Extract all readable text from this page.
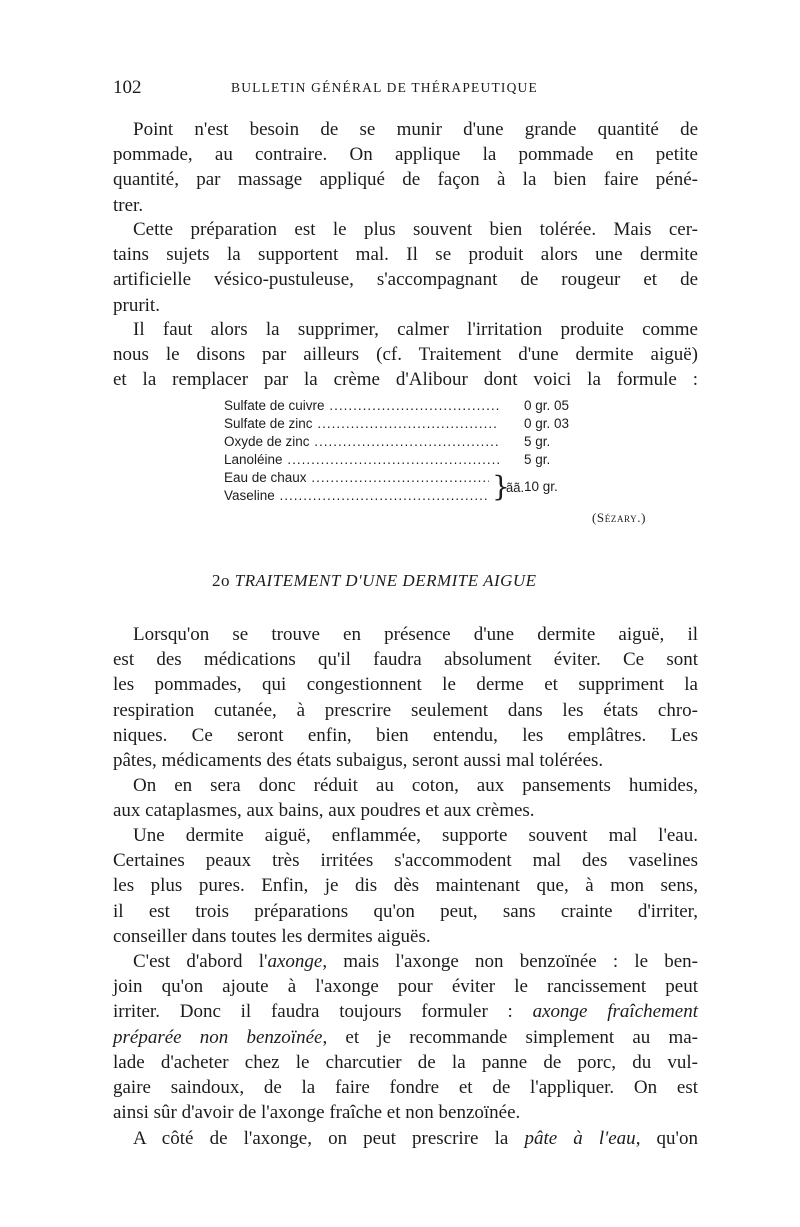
102	BULLETIN GÉNÉRAL DE THÉRAPEUTIQUE

Point n'est besoin de se munir d'une grande quantité de
pommade, au contraire. On applique la pommade en petite
quantité, par massage appliqué de façon à la bien faire péné-
trer.

Cette préparation est le plus souvent bien tolérée. Mais cer-
tains sujets la supportent mal. Il se produit alors une dermite
artificielle vésico-pustuleuse, s'accompagnant de rougeur et de
prurit.

Il faut alors la supprimer, calmer l'irritation produite comme
nous le disons par ailleurs (cf. Traitement d'une dermite aiguë)
et la remplacer par la crème d'Alibour dont voici la formule :

Sulfate de cuivre .....	0 gr. 05
Sulfate de zinc .....	0 gr. 03
Oxyde de zinc .....	5 gr.
Lanoléine .....	5 gr.
Eau de chaux .....
Vaseline .....	}
ãã. 10 gr.
(Sézary.)
2o TRAITEMENT D'UNE DERMITE AIGUE

Lorsqu'on se trouve en présence d'une dermite aiguë, il
est des médications qu'il faudra absolument éviter. Ce sont
les pommades, qui congestionnent le derme et suppriment la
respiration cutanée, à prescrire seulement dans les états chro-
niques. Ce seront enfin, bien entendu, les emplâtres. Les
pâtes, médicaments des états subaigus, seront aussi mal tolérées.

On en sera donc réduit au coton, aux pansements humides,
aux cataplasmes, aux bains, aux poudres et aux crèmes.

Une dermite aiguë, enflammée, supporte souvent mal l'eau.
Certaines peaux très irritées s'accommodent mal des vaselines
les plus pures. Enfin, je dis dès maintenant que, à mon sens,
il est trois préparations qu'on peut, sans crainte d'irriter,
conseiller dans toutes les dermites aiguës.

C'est d'abord l'axonge, mais l'axonge non benzoïnée : le ben-
join qu'on ajoute à l'axonge pour éviter le rancissement peut
irriter. Donc il faudra toujours formuler : axonge fraîchement
préparée non benzoïnée, et je recommande simplement au ma-
lade d'acheter chez le charcutier de la panne de porc, du vul-
gaire saindoux, de la faire fondre et de l'appliquer. On est
ainsi sûr d'avoir de l'axonge fraîche et non benzoïnée.

A côté de l'axonge, on peut prescrire la pâte à l'eau, qu'on
